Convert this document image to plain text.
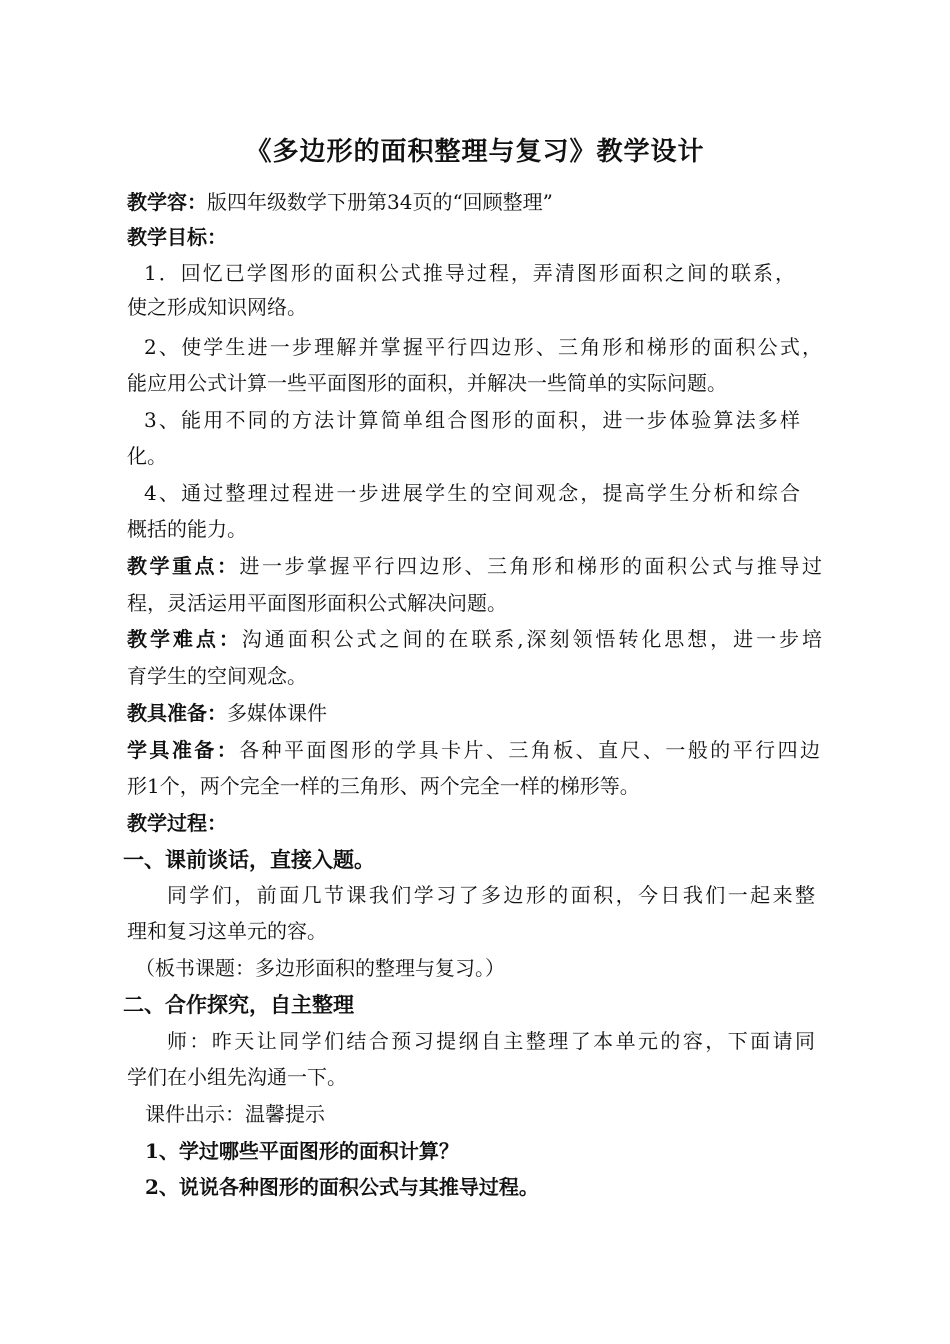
《多边形的面积整理与复习》教学设计
教学容：版四年级数学下册第34页的“回顾整理”
教学目标：
1．回忆已学图形的面积公式推导过程，弄清图形面积之间的联系，
使之形成知识网络。
2、使学生进一步理解并掌握平行四边形、三角形和梯形的面积公式，
能应用公式计算一些平面图形的面积，并解决一些简单的实际问题。
3、能用不同的方法计算简单组合图形的面积，进一步体验算法多样
化。
4、通过整理过程进一步进展学生的空间观念，提高学生分析和综合
概括的能力。
教学重点：进一步掌握平行四边形、三角形和梯形的面积公式与推导过
程，灵活运用平面图形面积公式解决问题。
教学难点：沟通面积公式之间的在联系,深刻领悟转化思想，进一步培
育学生的空间观念。
教具准备：多媒体课件
学具准备：各种平面图形的学具卡片、三角板、直尺、一般的平行四边
形1个，两个完全一样的三角形、两个完全一样的梯形等。
教学过程：
一、课前谈话，直接入题。
同学们，前面几节课我们学习了多边形的面积，今日我们一起来整
理和复习这单元的容。
（板书课题：多边形面积的整理与复习。）
二、合作探究，自主整理
师：昨天让同学们结合预习提纲自主整理了本单元的容，下面请同
学们在小组先沟通一下。
课件出示：温馨提示
1、学过哪些平面图形的面积计算？
2、说说各种图形的面积公式与其推导过程。
